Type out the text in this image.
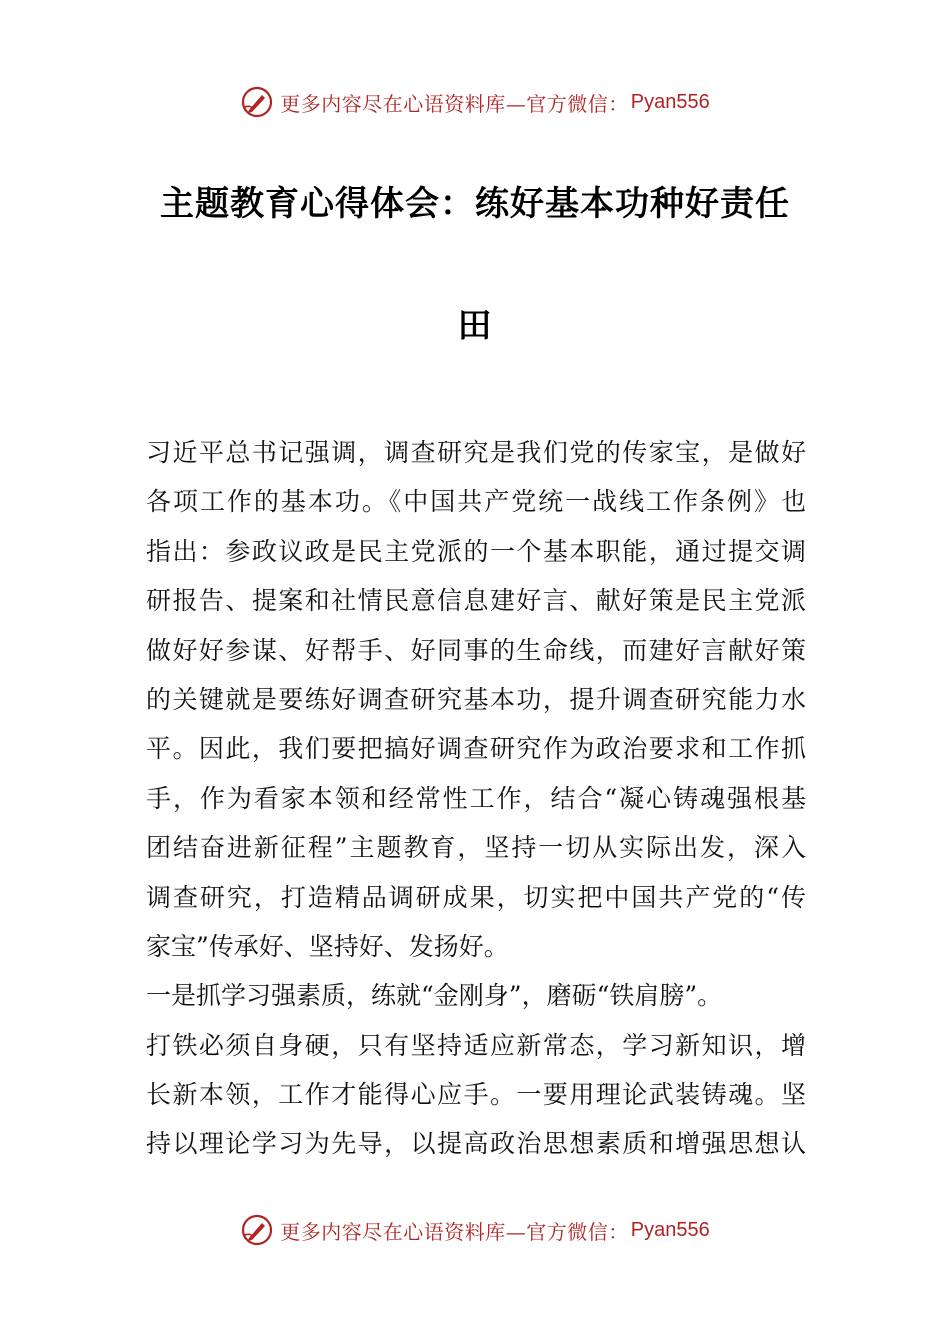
更多内容尽在心语资料库—官方微信： Pyan556
主题教育心得体会：练好基本功种好责任
田
习近平总书记强调，调查研究是我们党的传家宝，是做好
各项工作的基本功。《中国共产党统一战线工作条例》也
指出：参政议政是民主党派的一个基本职能，通过提交调
研报告、提案和社情民意信息建好言、献好策是民主党派
做好好参谋、好帮手、好同事的生命线，而建好言献好策
的关键就是要练好调查研究基本功，提升调查研究能力水
平。因此，我们要把搞好调查研究作为政治要求和工作抓
手，作为看家本领和经常性工作，结合“凝心铸魂强根基
团结奋进新征程”主题教育，坚持一切从实际出发，深入
调查研究，打造精品调研成果，切实把中国共产党的“传
家宝”传承好、坚持好、发扬好。
一是抓学习强素质，练就“金刚身”，磨砺“铁肩膀”。
打铁必须自身硬，只有坚持适应新常态，学习新知识，增
长新本领，工作才能得心应手。一要用理论武装铸魂。坚
持以理论学习为先导，以提高政治思想素质和增强思想认
更多内容尽在心语资料库—官方微信： Pyan556
